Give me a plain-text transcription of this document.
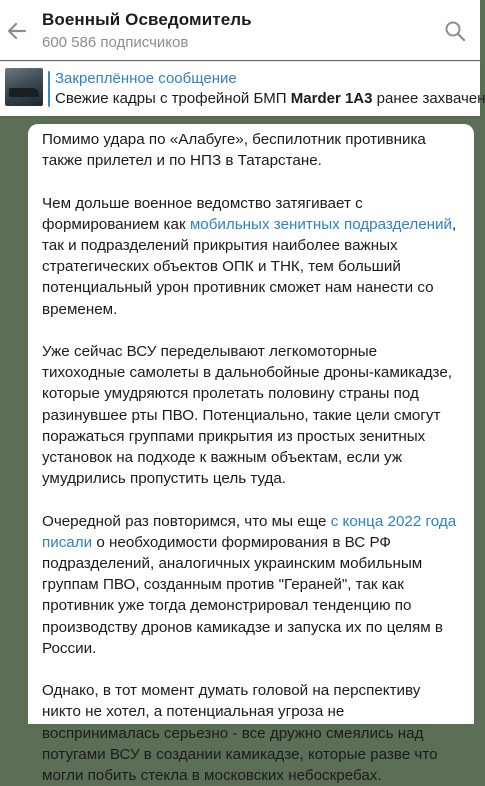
Военный Осведомитель
600 586 подписчиков
Закреплённое сообщение
Свежие кадры с трофейной БМП Marder 1A3 ранее захвачен

Помимо удара по «Алабуге», беспилотник противника также прилетел и по НПЗ в Татарстане.

Чем дольше военное ведомство затягивает с формированием как мобильных зенитных подразделений, так и подразделений прикрытия наиболее важных стратегических объектов ОПК и ТНК, тем больший потенциальный урон противник сможет нам нанести со временем.

Уже сейчас ВСУ переделывают легкомоторные тихоходные самолеты в дальнобойные дроны-камикадзе, которые умудряются пролетать половину страны под разинувшее рты ПВО. Потенциально, такие цели смогут поражаться группами прикрытия из простых зенитных установок на подходе к важным объектам, если уж умудрились пропустить цель туда.

Очередной раз повторимся, что мы еще с конца 2022 года писали о необходимости формирования в ВС РФ подразделений, аналогичных украинским мобильным группам ПВО, созданным против "Гераней", так как противник уже тогда демонстрировал тенденцию по производству дронов камикадзе и запуска их по целям в России.

Однако, в тот момент думать головой на перспективу никто не хотел, а потенциальная угроза не воспринималась серьезно - все дружно смеялись над потугами ВСУ в создании камикадзе, которые разве что могли побить стекла в московских небоскребах.
